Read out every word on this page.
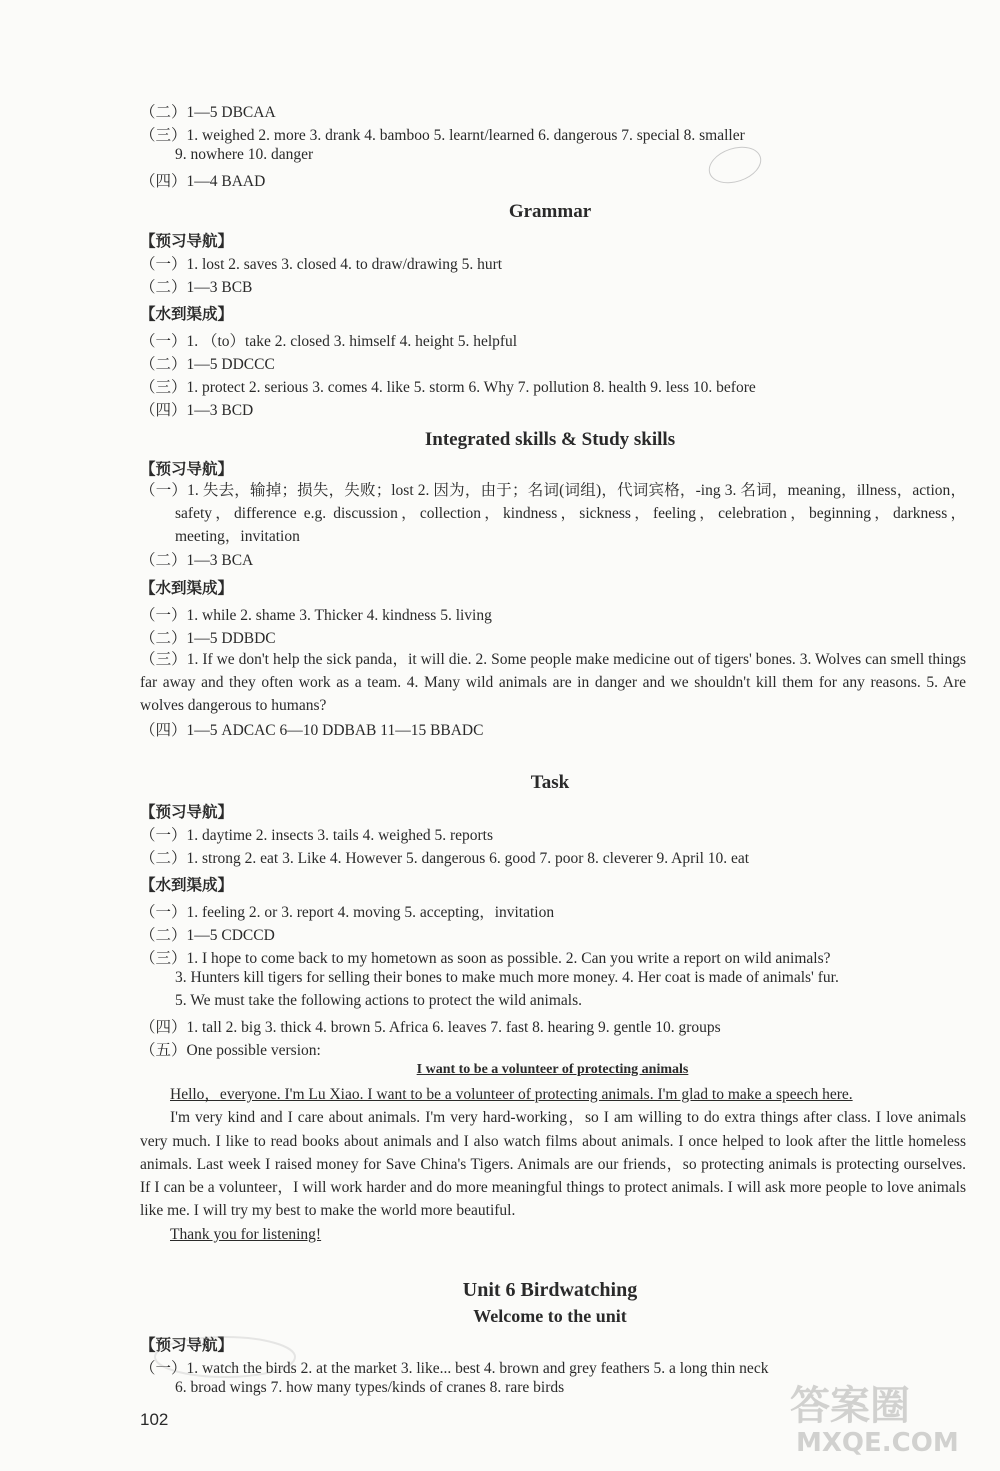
（二）1—5 DBCAA
（三）1. weighed 2. more 3. drank 4. bamboo 5. learnt/learned 6. dangerous 7. special 8. smaller
9. nowhere 10. danger
（四）1—4 BAAD
Grammar
【预习导航】
（一）1. lost 2. saves 3. closed 4. to draw/drawing 5. hurt
（二）1—3 BCB
【水到渠成】
（一）1. （to）take 2. closed 3. himself 4. height 5. helpful
（二）1—5 DDCCC
（三）1. protect 2. serious 3. comes 4. like 5. storm 6. Why 7. pollution 8. health 9. less 10. before
（四）1—3 BCD
Integrated skills & Study skills
【预习导航】
（一）1. 失去，输掉；损失，失败；lost 2. 因为，由于；名词(词组)，代词宾格，-ing 3. 名词，meaning，illness，action，safety，difference e.g. discussion，collection，kindness，sickness，feeling，celebration，beginning，darkness，meeting，invitation
（二）1—3 BCA
【水到渠成】
（一）1. while 2. shame 3. Thicker 4. kindness 5. living
（二）1—5 DDBDC
（三）1. If we don't help the sick panda，it will die. 2. Some people make medicine out of tigers' bones. 3. Wolves can smell things far away and they often work as a team. 4. Many wild animals are in danger and we shouldn't kill them for any reasons. 5. Are wolves dangerous to humans?
（四）1—5 ADCAC 6—10 DDBAB 11—15 BBADC
Task
【预习导航】
（一）1. daytime 2. insects 3. tails 4. weighed 5. reports
（二）1. strong 2. eat 3. Like 4. However 5. dangerous 6. good 7. poor 8. cleverer 9. April 10. eat
【水到渠成】
（一）1. feeling 2. or 3. report 4. moving 5. accepting，invitation
（二）1—5 CDCCD
（三）1. I hope to come back to my hometown as soon as possible. 2. Can you write a report on wild animals?
3. Hunters kill tigers for selling their bones to make much more money. 4. Her coat is made of animals' fur.
5. We must take the following actions to protect the wild animals.
（四）1. tall 2. big 3. thick 4. brown 5. Africa 6. leaves 7. fast 8. hearing 9. gentle 10. groups
（五）One possible version:
I want to be a volunteer of protecting animals

Hello，everyone. I'm Lu Xiao. I want to be a volunteer of protecting animals. I'm glad to make a speech here.

I'm very kind and I care about animals. I'm very hard-working，so I am willing to do extra things after class. I love animals very much. I like to read books about animals and I also watch films about animals. I once helped to look after the little homeless animals. Last week I raised money for Save China's Tigers. Animals are our friends，so protecting animals is protecting ourselves. If I can be a volunteer，I will work harder and do more meaningful things to protect animals. I will ask more people to love animals like me. I will try my best to make the world more beautiful.

Thank you for listening!

Unit 6 Birdwatching
Welcome to the unit
【预习导航】
（一）1. watch the birds 2. at the market 3. like... best 4. brown and grey feathers 5. a long thin neck
6. broad wings 7. how many types/kinds of cranes 8. rare birds
102	答案圈
MXQE.COM
